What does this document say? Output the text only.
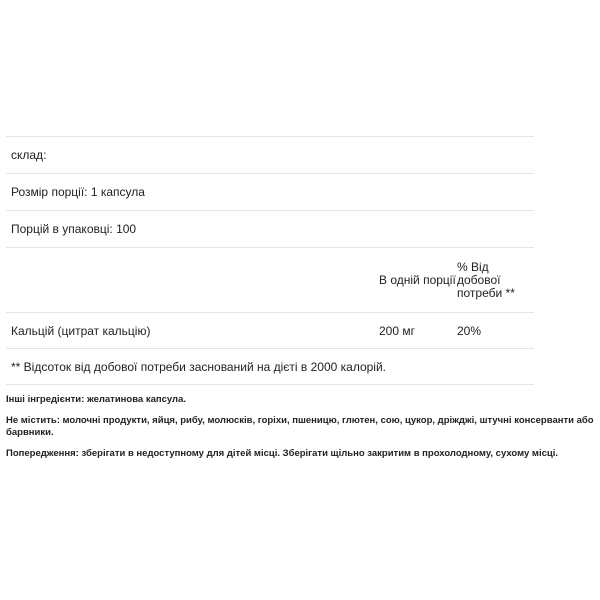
склад:
Розмір порції: 1 капсула
Порцій в упаковці: 100
В одній порції
% Від добової потреби **
Кальцій (цитрат кальцію)	200 мг	20%
** Відсоток від добової потреби заснований на дієті в 2000 калорій.

Інші інгредієнти: желатинова капсула.

Не містить: молочні продукти, яйця, рибу, молюсків, горіхи, пшеницю, глютен, сою, цукор, дріжджі, штучні консерванти або барвники.

Попередження: зберігати в недоступному для дітей місці. Зберігати щільно закритим в прохолодному, сухому місці.
